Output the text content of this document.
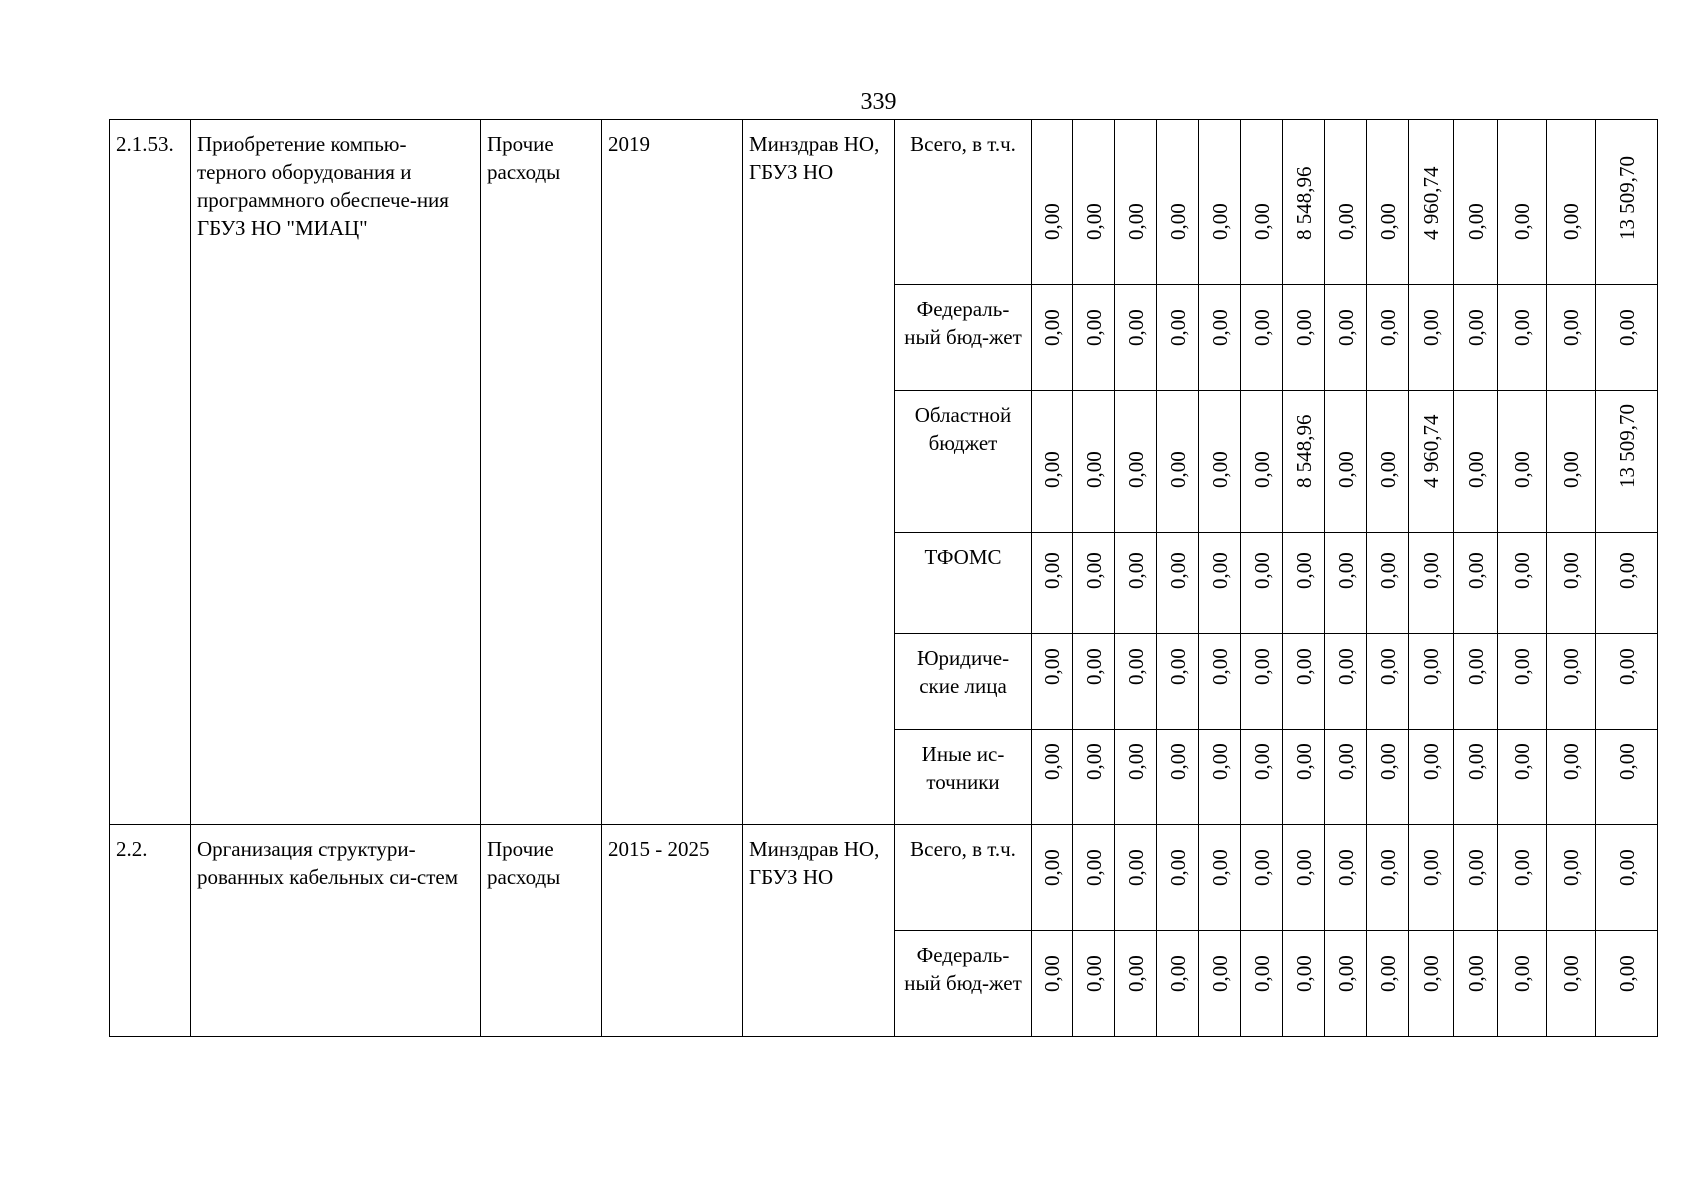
339
2.1.53.	Приобретение компью-терного оборудования и программного обеспече-ния ГБУЗ НО "МИАЦ"	Прочие расходы	2019	Минздрав НО, ГБУЗ НО	Всего, в т.ч.	0,00	0,00	0,00	0,00	0,00	0,00	8 548,96	0,00	0,00	4 960,74	0,00	0,00	0,00	13 509,70

					Федераль-ный бюд-жет	0,00	0,00	0,00	0,00	0,00	0,00	0,00	0,00	0,00	0,00	0,00	0,00	0,00	0,00

					Областной бюджет	0,00	0,00	0,00	0,00	0,00	0,00	8 548,96	0,00	0,00	4 960,74	0,00	0,00	0,00	13 509,70

					ТФОМС	0,00	0,00	0,00	0,00	0,00	0,00	0,00	0,00	0,00	0,00	0,00	0,00	0,00	0,00

					Юридиче-ские лица	0,00	0,00	0,00	0,00	0,00	0,00	0,00	0,00	0,00	0,00	0,00	0,00	0,00	0,00

					Иные ис-точники	0,00	0,00	0,00	0,00	0,00	0,00	0,00	0,00	0,00	0,00	0,00	0,00	0,00	0,00

2.2.	Организация структури-рованных кабельных си-стем	Прочие расходы	2015 - 2025	Минздрав НО, ГБУЗ НО	Всего, в т.ч.	0,00	0,00	0,00	0,00	0,00	0,00	0,00	0,00	0,00	0,00	0,00	0,00	0,00	0,00

					Федераль-ный бюд-жет	0,00	0,00	0,00	0,00	0,00	0,00	0,00	0,00	0,00	0,00	0,00	0,00	0,00	0,00
